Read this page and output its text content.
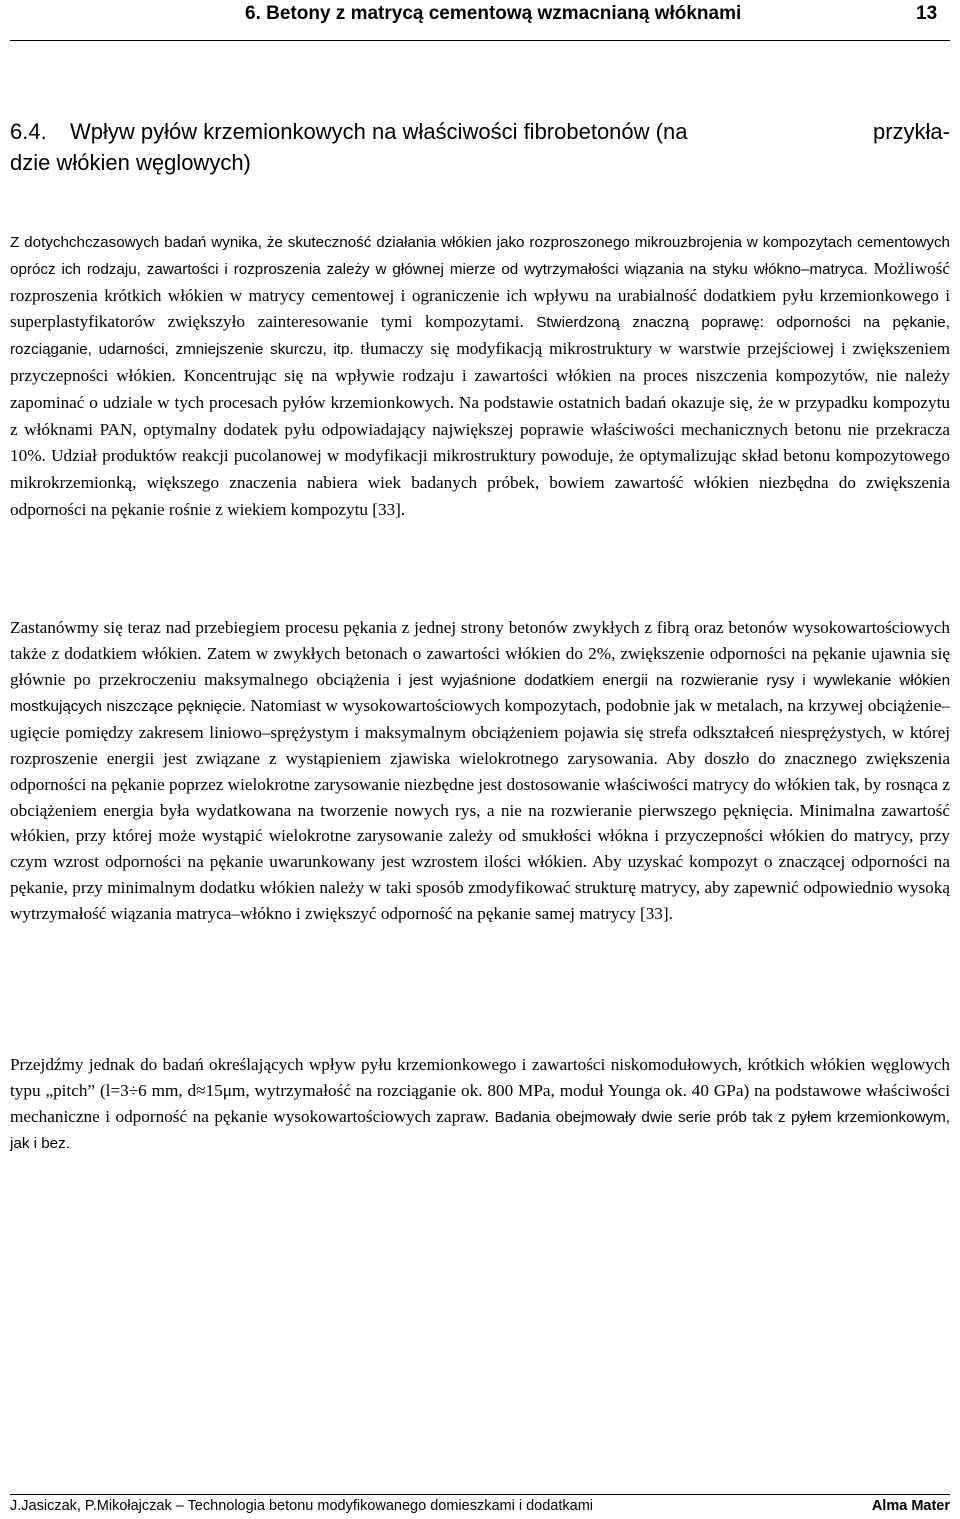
6. Betony z matrycą cementową wzmacnianą włóknami	13
6.4. Wpływ pyłów krzemionkowych na właściwości fibrobetonów (na	przykła-
dzie włókien węglowych)
Z dotychchczasowych badań wynika, że skuteczność działania włókien jako rozproszonego mikrouzbrojenia w kompozytach cementowych oprócz ich rodzaju, zawartości i rozproszenia zależy w głównej mierze od wytrzymałości wiązania na styku włókno–matryca. Możliwość rozproszenia krótkich włókien w matrycy cementowej i ograniczenie ich wpływu na urabialność dodatkiem pyłu krzemionkowego i superplastyfikatorów zwiększyło zainteresowanie tymi kompozytami. Stwierdzoną znaczną poprawę: odporności na pękanie, rozciąganie, udarności, zmniejszenie skurczu, itp. tłumaczy się modyfikacją mikrostruktury w warstwie przejściowej i zwiększeniem przyczepności włókien. Koncentrując się na wpływie rodzaju i zawartości włókien na proces niszczenia kompozytów, nie należy zapominać o udziale w tych procesach pyłów krzemionkowych. Na podstawie ostatnich badań okazuje się, że w przypadku kompozytu z włóknami PAN, optymalny dodatek pyłu odpowiadający największej poprawie właściwości mechanicznych betonu nie przekracza 10%. Udział produktów reakcji pucolanowej w modyfikacji mikrostruktury powoduje, że optymalizując skład betonu kompozytowego mikrokrzemionką, większego znaczenia nabiera wiek badanych próbek, bowiem zawartość włókien niezbędna do zwiększenia odporności na pękanie rośnie z wiekiem kompozytu [33].
Zastanówmy się teraz nad przebiegiem procesu pękania z jednej strony betonów zwykłych z fibrą oraz betonów wysokowartościowych także z dodatkiem włókien. Zatem w zwykłych betonach o zawartości włókien do 2%, zwiększenie odporności na pękanie ujawnia się głównie po przekroczeniu maksymalnego obciążenia i jest wyjaśnione dodatkiem energii na rozwieranie rysy i wywlekanie włókien mostkujących niszczące pęknięcie. Natomiast w wysokowartościowych kompozytach, podobnie jak w metalach, na krzywej obciążenie–ugięcie pomiędzy zakresem liniowo–sprężystym i maksymalnym obciążeniem pojawia się strefa odkształceń niesprężystych, w której rozproszenie energii jest związane z wystąpieniem zjawiska wielokrotnego zarysowania. Aby doszło do znacznego zwiększenia odporności na pękanie poprzez wielokrotne zarysowanie niezbędne jest dostosowanie właściwości matrycy do włókien tak, by rosnąca z obciążeniem energia była wydatkowana na tworzenie nowych rys, a nie na rozwieranie pierwszego pęknięcia. Minimalna zawartość włókien, przy której może wystąpić wielokrotne zarysowanie zależy od smukłości włókna i przyczepności włókien do matrycy, przy czym wzrost odporności na pękanie uwarunkowany jest wzrostem ilości włókien. Aby uzyskać kompozyt o znaczącej odporności na pękanie, przy minimalnym dodatku włókien należy w taki sposób zmodyfikować strukturę matrycy, aby zapewnić odpowiednio wysoką wytrzymałość wiązania matryca–włókno i zwiększyć odporność na pękanie samej matrycy [33].
Przejdźmy jednak do badań określających wpływ pyłu krzemionkowego i zawartości niskomodułowych, krótkich włókien węglowych typu „pitch” (l=3÷6 mm, d≈15μm, wytrzymałość na rozciąganie ok. 800 MPa, moduł Younga ok. 40 GPa) na podstawowe właściwości mechaniczne i odporność na pękanie wysokowartościowych zapraw. Badania obejmowały dwie serie prób tak z pyłem krzemionkowym, jak i bez.
J.Jasiczak, P.Mikołajczak – Technologia betonu modyfikowanego domieszkami i dodatkami	Alma Mater
